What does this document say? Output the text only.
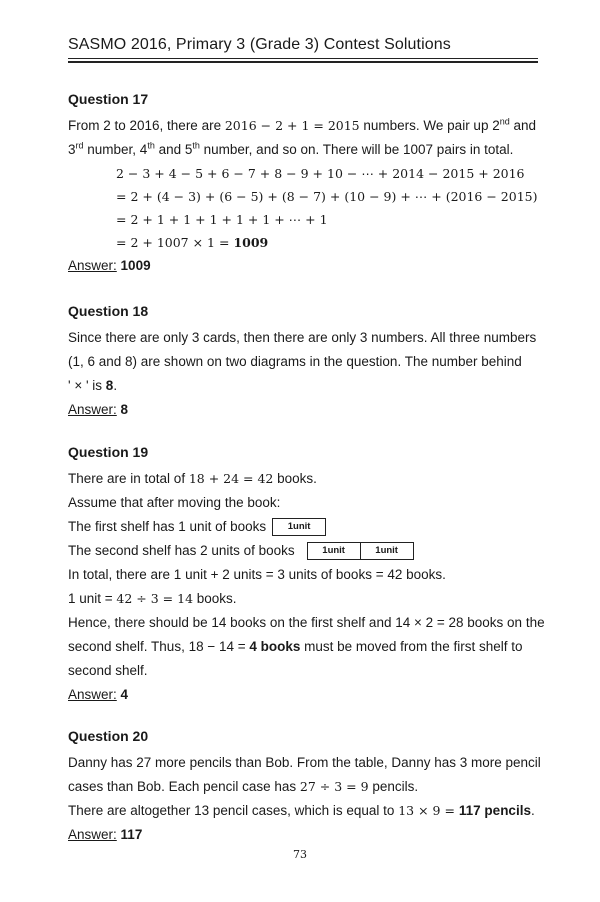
SASMO 2016, Primary 3 (Grade 3) Contest Solutions
Question 17
From 2 to 2016, there are 2016 − 2 + 1 = 2015 numbers. We pair up 2nd and
3rd number, 4th and 5th number, and so on. There will be 1007 pairs in total.
2 − 3 + 4 − 5 + 6 − 7 + 8 − 9 + 10 − ⋯ + 2014 − 2015 + 2016
= 2 + (4 − 3) + (6 − 5) + (8 − 7) + (10 − 9) + ⋯ + (2016 − 2015)
= 2 + 1 + 1 + 1 + 1 + 1 + ⋯ + 1
= 2 + 1007 × 1 = 1009
Answer: 1009
Question 18
Since there are only 3 cards, then there are only 3 numbers. All three numbers
(1, 6 and 8) are shown on two diagrams in the question. The number behind
' × ' is 8.
Answer: 8
Question 19
There are in total of 18 + 24 = 42 books.
Assume that after moving the book:
The first shelf has 1 unit of books 1unit
The second shelf has 2 units of books	1unit	1unit
In total, there are 1 unit + 2 units = 3 units of books = 42 books.
1 unit = 42 ÷ 3 = 14 books.
Hence, there should be 14 books on the first shelf and 14 × 2 = 28 books on the
second shelf. Thus, 18 − 14 = 4 books must be moved from the first shelf to
second shelf.
Answer: 4
Question 20
Danny has 27 more pencils than Bob. From the table, Danny has 3 more pencil
cases than Bob. Each pencil case has 27 ÷ 3 = 9 pencils.
There are altogether 13 pencil cases, which is equal to 13 × 9 = 117 pencils.
Answer: 117
73
